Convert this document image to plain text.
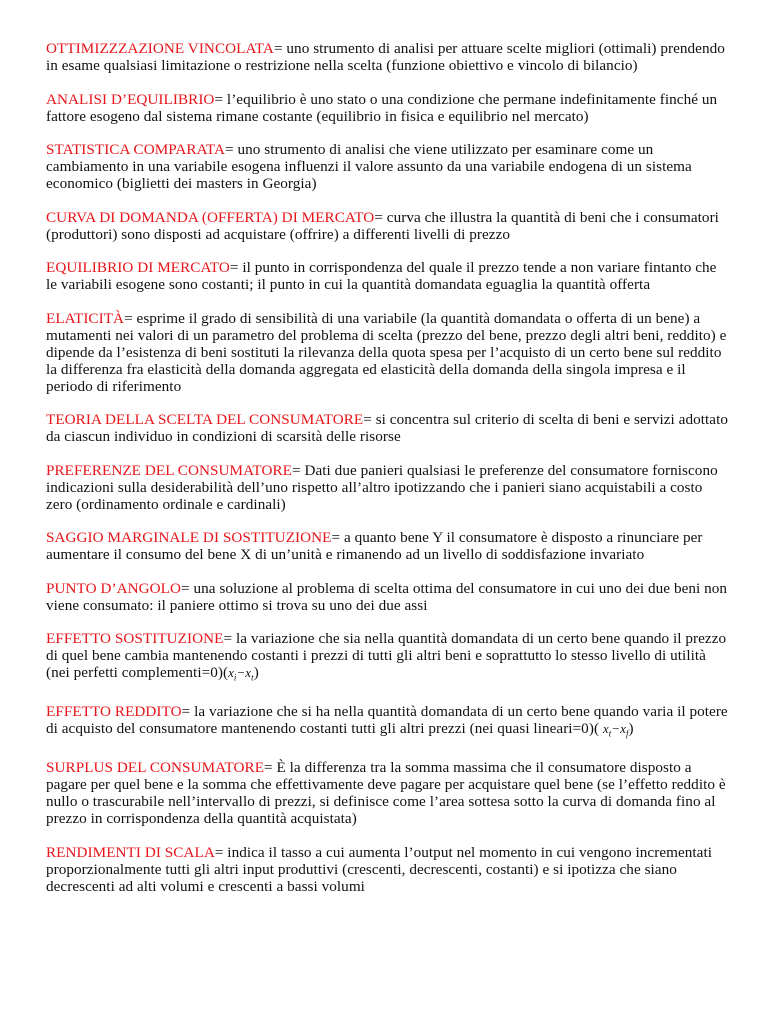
OTTIMIZZZAZIONE VINCOLATA= uno strumento di analisi per attuare scelte migliori (ottimali) prendendo in esame qualsiasi limitazione o restrizione nella scelta (funzione obiettivo e vincolo di bilancio)

ANALISI D’EQUILIBRIO= l’equilibrio è uno stato o una condizione che permane indefinitamente finché un fattore esogeno dal sistema rimane costante (equilibrio in fisica e equilibrio nel mercato)

STATISTICA COMPARATA= uno strumento di analisi che viene utilizzato per esaminare come un cambiamento in una variabile esogena influenzi il valore assunto da una variabile endogena di un sistema economico (biglietti dei masters in Georgia)

CURVA DI DOMANDA (OFFERTA) DI MERCATO= curva che illustra la quantità di beni che i consumatori (produttori) sono disposti ad acquistare (offrire) a differenti livelli di prezzo

EQUILIBRIO DI MERCATO= il punto in corrispondenza del quale il prezzo tende a non variare fintanto che le variabili esogene sono costanti; il punto in cui la quantità domandata eguaglia la quantità offerta

ELATICITÀ= esprime il grado di sensibilità di una variabile (la quantità domandata o offerta di un bene) a mutamenti nei valori di un parametro del problema di scelta (prezzo del bene, prezzo degli altri beni, reddito) e dipende da l’esistenza di beni sostituti la rilevanza della quota spesa per l’acquisto di un certo bene sul reddito la differenza fra elasticità della domanda aggregata ed elasticità della domanda della singola impresa e il periodo di riferimento

TEORIA DELLA SCELTA DEL CONSUMATORE= si concentra sul criterio di scelta di beni e servizi adottato da ciascun individuo in condizioni di scarsità delle risorse

PREFERENZE DEL CONSUMATORE= Dati due panieri qualsiasi le preferenze del consumatore forniscono indicazioni sulla desiderabilità dell’uno rispetto all’altro ipotizzando che i panieri siano acquistabili a costo zero (ordinamento ordinale e cardinali)

SAGGIO MARGINALE DI SOSTITUZIONE= a quanto bene Y il consumatore è disposto a rinunciare per aumentare il consumo del bene X di un’unità e rimanendo ad un livello di soddisfazione invariato

PUNTO D’ANGOLO= una soluzione al problema di scelta ottima del consumatore in cui uno dei due beni non viene consumato: il paniere ottimo si trova su uno dei due assi

EFFETTO SOSTITUZIONE= la variazione che sia nella quantità domandata di un certo bene quando il prezzo di quel bene cambia mantenendo costanti i prezzi di tutti gli altri beni e soprattutto lo stesso livello di utilità (nei perfetti $complementi=0)(x_i-x_t)$

EFFETTO REDDITO= la variazione che si ha nella quantità domandata di un certo bene quando varia il potere di acquisto del consumatore mantenendo costanti tutti gli altri prezzi (nei quasi lineari=0)( $x_t-x_f$)

SURPLUS DEL CONSUMATORE= È la differenza tra la somma massima che il consumatore disposto a pagare per quel bene e la somma che effettivamente deve pagare per acquistare quel bene (se l’effetto reddito è nullo o trascurabile nell’intervallo di prezzi, si definisce come l’area sottesa sotto la curva di domanda fino al prezzo in corrispondenza della quantità acquistata)

RENDIMENTI DI SCALA= indica il tasso a cui aumenta l’output nel momento in cui vengono incrementati proporzionalmente tutti gli altri input produttivi (crescenti, decrescenti, costanti) e si ipotizza che siano decrescenti ad alti volumi e crescenti a bassi volumi
